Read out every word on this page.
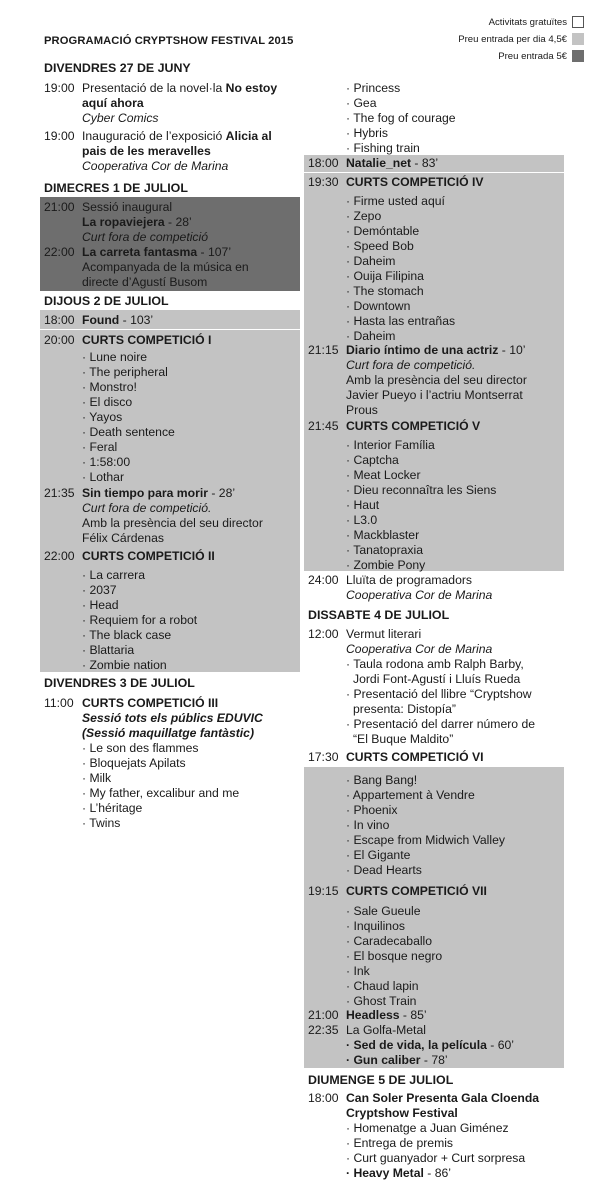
PROGRAMACIÓ CRYPTSHOW FESTIVAL 2015
Activitats gratuïtes
Preu entrada per dia 4,5€
Preu entrada 5€
DIVENDRES 27 DE JUNY
19:00 Presentació de la novel·la No estoy
aquí ahora
Cyber Comics
19:00 Inauguració de l’exposició Alicia al
pais de les meravelles
Cooperativa Cor de Marina
DIMECRES 1 DE JULIOL
21:00 Sessió inaugural
La ropaviejera - 28’
Curt fora de competició
22:00 La carreta fantasma - 107’
Acompanyada de la música en
directe d’Agustí Busom
DIJOUS 2 DE JULIOL
18:00 Found - 103’
20:00 CURTS COMPETICIÓ I
· Lune noire
· The peripheral
· Monstro!
· El disco
· Yayos
· Death sentence
· Feral
· 1:58:00
· Lothar
21:35 Sin tiempo para morir - 28’
Curt fora de competició.
Amb la presència del seu director
Félix Cárdenas
22:00 CURTS COMPETICIÓ II
· La carrera
· 2037
· Head
· Requiem for a robot
· The black case
· Blattaria
· Zombie nation
DIVENDRES 3 DE JULIOL
11:00 CURTS COMPETICIÓ III
Sessió tots els públics EDUVIC
(Sessió maquillatge fantàstic)
· Le son des flammes
· Bloquejats Apilats
· Milk
· My father, excalibur and me
· L’héritage
· Twins
· Princess
· Gea
· The fog of courage
· Hybris
· Fishing train
18:00 Natalie_net - 83’
19:30 CURTS COMPETICIÓ IV
· Firme usted aquí
· Zepo
· Demóntable
· Speed Bob
· Daheim
· Ouija Filipina
· The stomach
· Downtown
· Hasta las entrañas
· Daheim
21:15 Diario íntimo de una actriz - 10’
Curt fora de competició.
Amb la presència del seu director
Javier Pueyo i l’actriu Montserrat
Prous
21:45 CURTS COMPETICIÓ V
· Interior Família
· Captcha
· Meat Locker
· Dieu reconnaîtra les Siens
· Haut
· L3.0
· Mackblaster
· Tanatopraxia
· Zombie Pony
24:00 Lluïta de programadors
Cooperativa Cor de Marina
DISSABTE 4 DE JULIOL
12:00 Vermut literari
Cooperativa Cor de Marina
· Taula rodona amb Ralph Barby,
Jordi Font-Agustí i Lluís Rueda
· Presentació del llibre “Cryptshow
presenta: Distopía”
· Presentació del darrer número de
“El Buque Maldito”
17:30 CURTS COMPETICIÓ VI
· Bang Bang!
· Appartement à Vendre
· Phoenix
· In vino
· Escape from Midwich Valley
· El Gigante
· Dead Hearts
19:15 CURTS COMPETICIÓ VII
· Sale Gueule
· Inquilinos
· Caradecaballo
· El bosque negro
· Ink
· Chaud lapin
· Ghost Train
21:00 Headless - 85’
22:35 La Golfa-Metal
· Sed de vida, la película - 60’
· Gun caliber - 78’
DIUMENGE 5 DE JULIOL
18:00 Can Soler Presenta Gala Cloenda
Cryptshow Festival
· Homenatge a Juan Giménez
· Entrega de premis
· Curt guanyador + Curt sorpresa
· Heavy Metal - 86’
